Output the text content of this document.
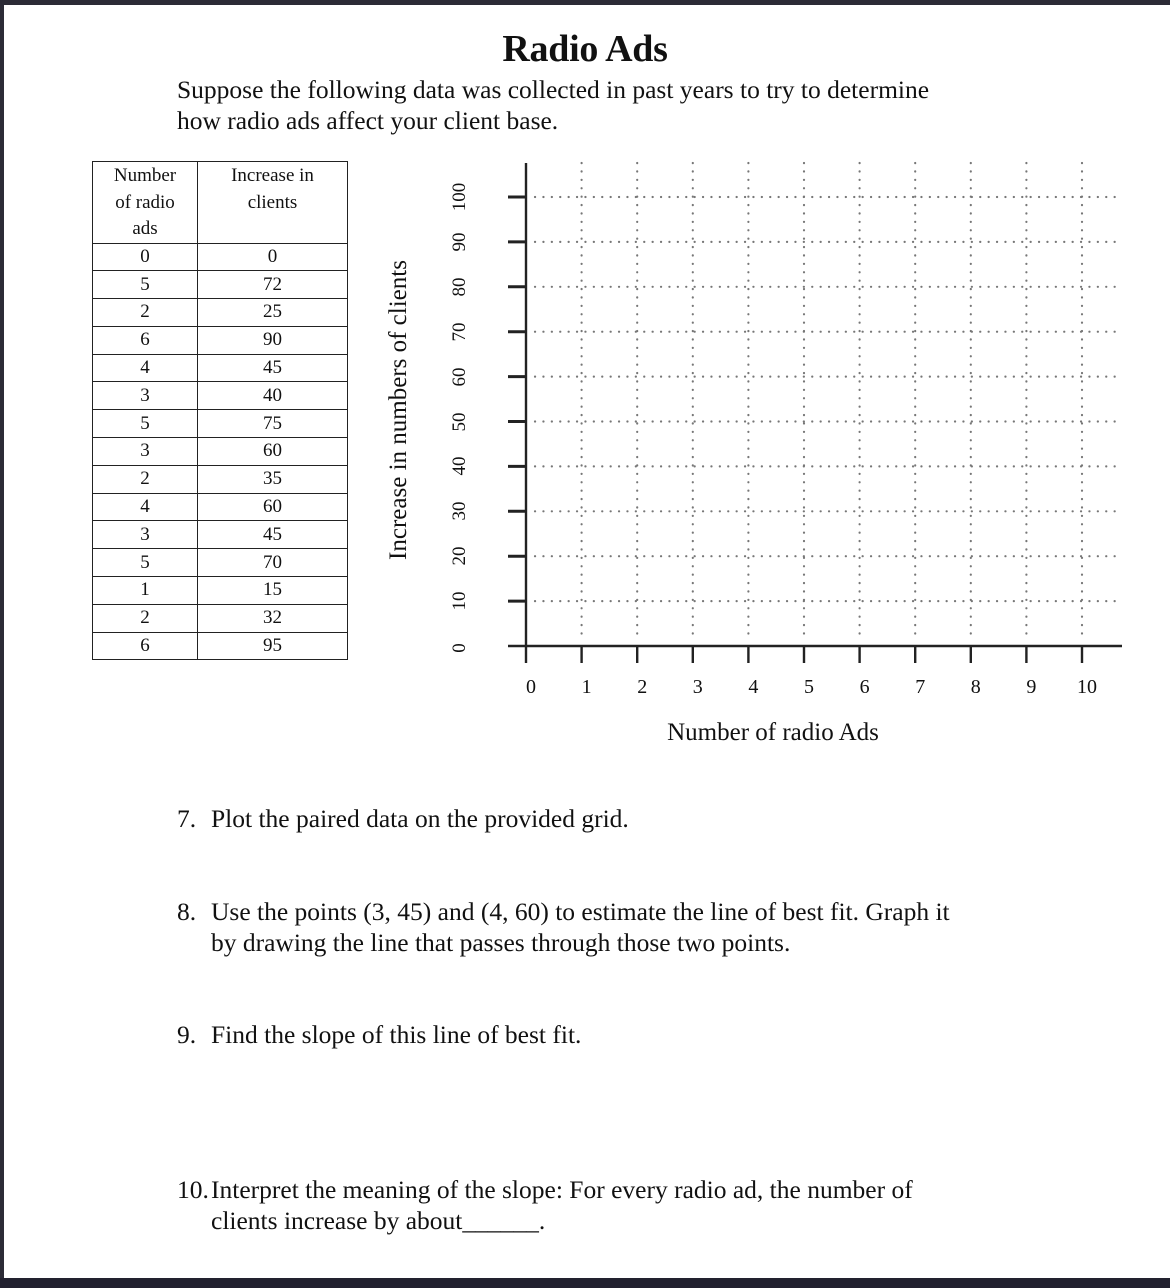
Radio Ads
Suppose the following data was collected in past years to try to determine
how radio ads affect your client base.
Number
of radio
ads

Increase in
clients

0	0
5	72
2	25
6	90
4	45
3	40
5	75
3	60
2	35
4	60
3	45
5	70
1	15
2	32
6	95
Increase in numbers of clients
0
10
20
30
40
50
60
70
80
90
100
0 1 2 3 4 5 6 7 8 9 10
Number of radio Ads
7. Plot the paired data on the provided grid.
8. Use the points (3, 45) and (4, 60) to estimate the line of best fit. Graph it
by drawing the line that passes through those two points.
9. Find the slope of this line of best fit.
10. Interpret the meaning of the slope: For every radio ad, the number of
clients increase by about______.
